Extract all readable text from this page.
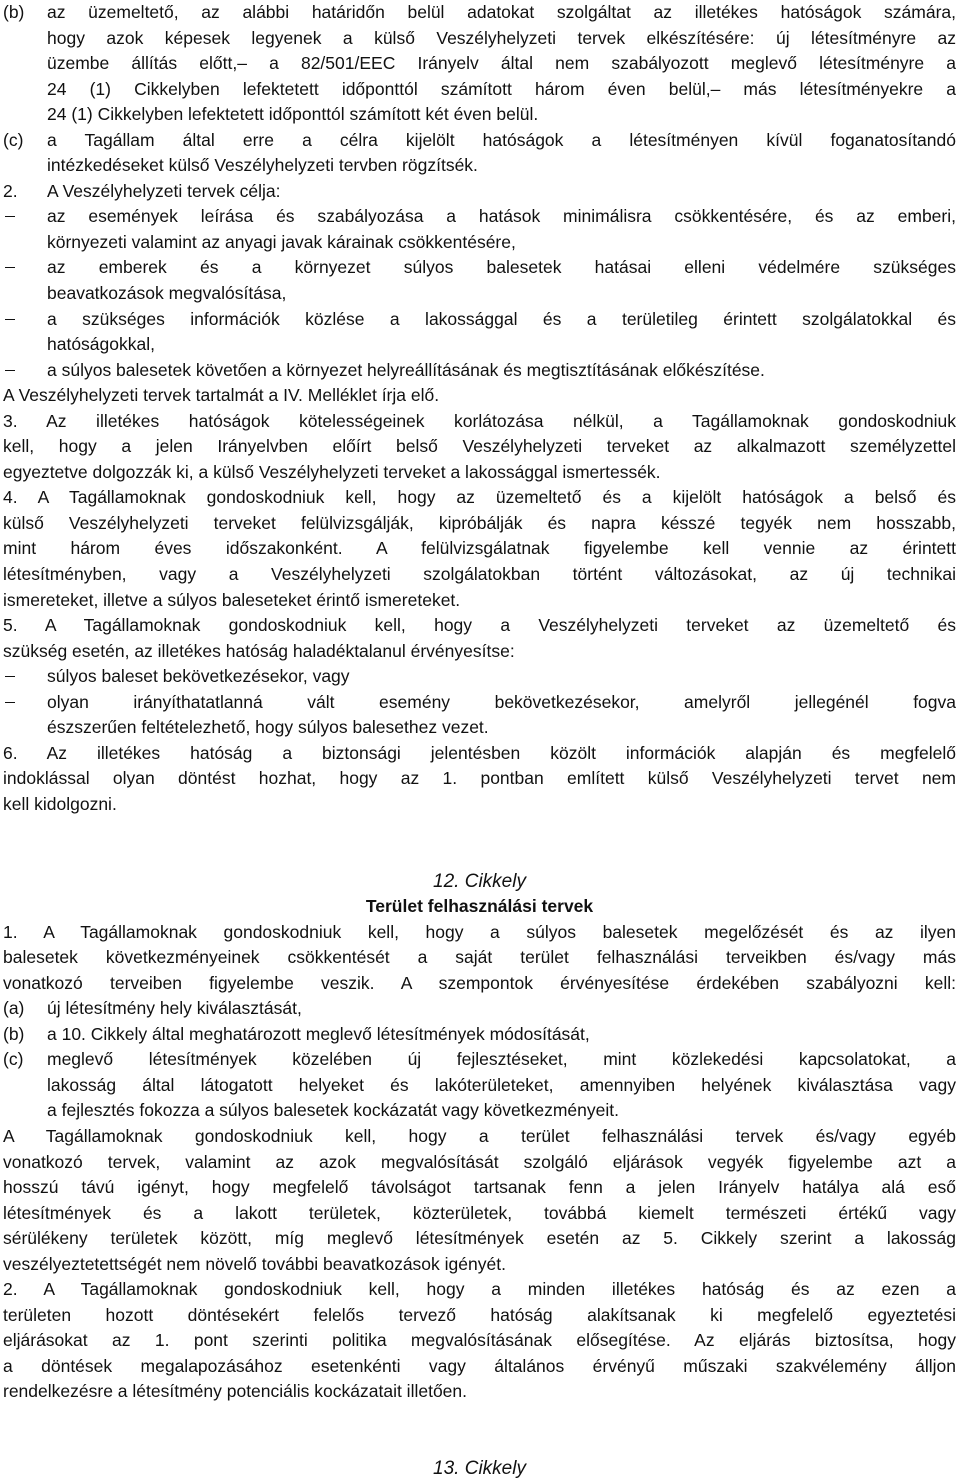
(b)	az üzemeltető, az alábbi határidőn belül adatokat szolgáltat az illetékes hatóságok számára,
hogy azok képesek legyenek a külső Veszélyhelyzeti tervek elkészítésére: új létesítményre az
üzembe állítás előtt,– a 82/501/EEC Irányelv által nem szabályozott meglevő létesítményre a
24 (1) Cikkelyben lefektetett időponttól számított három éven belül,– más létesítményekre a
24 (1) Cikkelyben lefektetett időponttól számított két éven belül.
(c)	a Tagállam által erre a célra kijelölt hatóságok a létesítményen kívül foganatosítandó
intézkedéseket külső Veszélyhelyzeti tervben rögzítsék.
2.	A Veszélyhelyzeti tervek célja:
az események leírása és szabályozása a hatások minimálisra csökkentésére, és az emberi,
környezeti valamint az anyagi javak kárainak csökkentésére,
az emberek és a környezet súlyos balesetek hatásai elleni védelmére szükséges
beavatkozások megvalósítása,
a szükséges információk közlése a lakossággal és a területileg érintett szolgálatokkal és
hatóságokkal,
a súlyos balesetek követően a környezet helyreállításának és megtisztításának előkészítése.
A Veszélyhelyzeti tervek tartalmát a IV. Melléklet írja elő.
3. Az illetékes hatóságok kötelességeinek korlátozása nélkül, a Tagállamoknak gondoskodniuk
kell, hogy a jelen Irányelvben előírt belső Veszélyhelyzeti terveket az alkalmazott személyzettel
egyeztetve dolgozzák ki, a külső Veszélyhelyzeti terveket a lakossággal ismertessék.
4. A Tagállamoknak gondoskodniuk kell, hogy az üzemeltető és a kijelölt hatóságok a belső és
külső Veszélyhelyzeti terveket felülvizsgálják, kipróbálják és napra késszé tegyék nem hosszabb,
mint három éves időszakonként. A felülvizsgálatnak figyelembe kell vennie az érintett
létesítményben, vagy a Veszélyhelyzeti szolgálatokban történt változásokat, az új technikai
ismereteket, illetve a súlyos baleseteket érintő ismereteket.
5. A Tagállamoknak gondoskodniuk kell, hogy a Veszélyhelyzeti terveket az üzemeltető és
szükség esetén, az illetékes hatóság haladéktalanul érvényesítse:
súlyos baleset bekövetkezésekor, vagy
olyan irányíthatatlanná vált esemény bekövetkezésekor, amelyről jellegénél fogva
észszerűen feltételezhető, hogy súlyos balesethez vezet.
6. Az illetékes hatóság a biztonsági jelentésben közölt információk alapján és megfelelő
indoklással olyan döntést hozhat, hogy az 1. pontban említett külső Veszélyhelyzeti tervet nem
kell kidolgozni.
12. Cikkely
Terület felhasználási tervek
1. A Tagállamoknak gondoskodniuk kell, hogy a súlyos balesetek megelőzését és az ilyen
balesetek következményeinek csökkentését a saját terület felhasználási terveikben és/vagy más
vonatkozó terveiben figyelembe veszik. A szempontok érvényesítése érdekében szabályozni kell:
(a)	új létesítmény hely kiválasztását,
(b)	a 10. Cikkely által meghatározott meglevő létesítmények módosítását,
(c)	meglevő létesítmények közelében új fejlesztéseket, mint közlekedési kapcsolatokat, a
lakosság által látogatott helyeket és lakóterületeket, amennyiben helyének kiválasztása vagy
a fejlesztés fokozza a súlyos balesetek kockázatát vagy következményeit.
A Tagállamoknak gondoskodniuk kell, hogy a terület felhasználási tervek és/vagy egyéb
vonatkozó tervek, valamint az azok megvalósítását szolgáló eljárások vegyék figyelembe azt a
hosszú távú igényt, hogy megfelelő távolságot tartsanak fenn a jelen Irányelv hatálya alá eső
létesítmények és a lakott területek, közterületek, továbbá kiemelt természeti értékű vagy
sérülékeny területek között, míg meglevő létesítmények esetén az 5. Cikkely szerint a lakosság
veszélyeztetettségét nem növelő további beavatkozások igényét.
2. A Tagállamoknak gondoskodniuk kell, hogy a minden illetékes hatóság és az ezen a
területen hozott döntésekért felelős tervező hatóság alakítsanak ki megfelelő egyeztetési
eljárásokat az 1. pont szerinti politika megvalósításának elősegítése. Az eljárás biztosítsa, hogy
a döntések megalapozásához esetenkénti vagy általános érvényű műszaki szakvélemény álljon
rendelkezésre a létesítmény potenciális kockázatait illetően.
13. Cikkely
